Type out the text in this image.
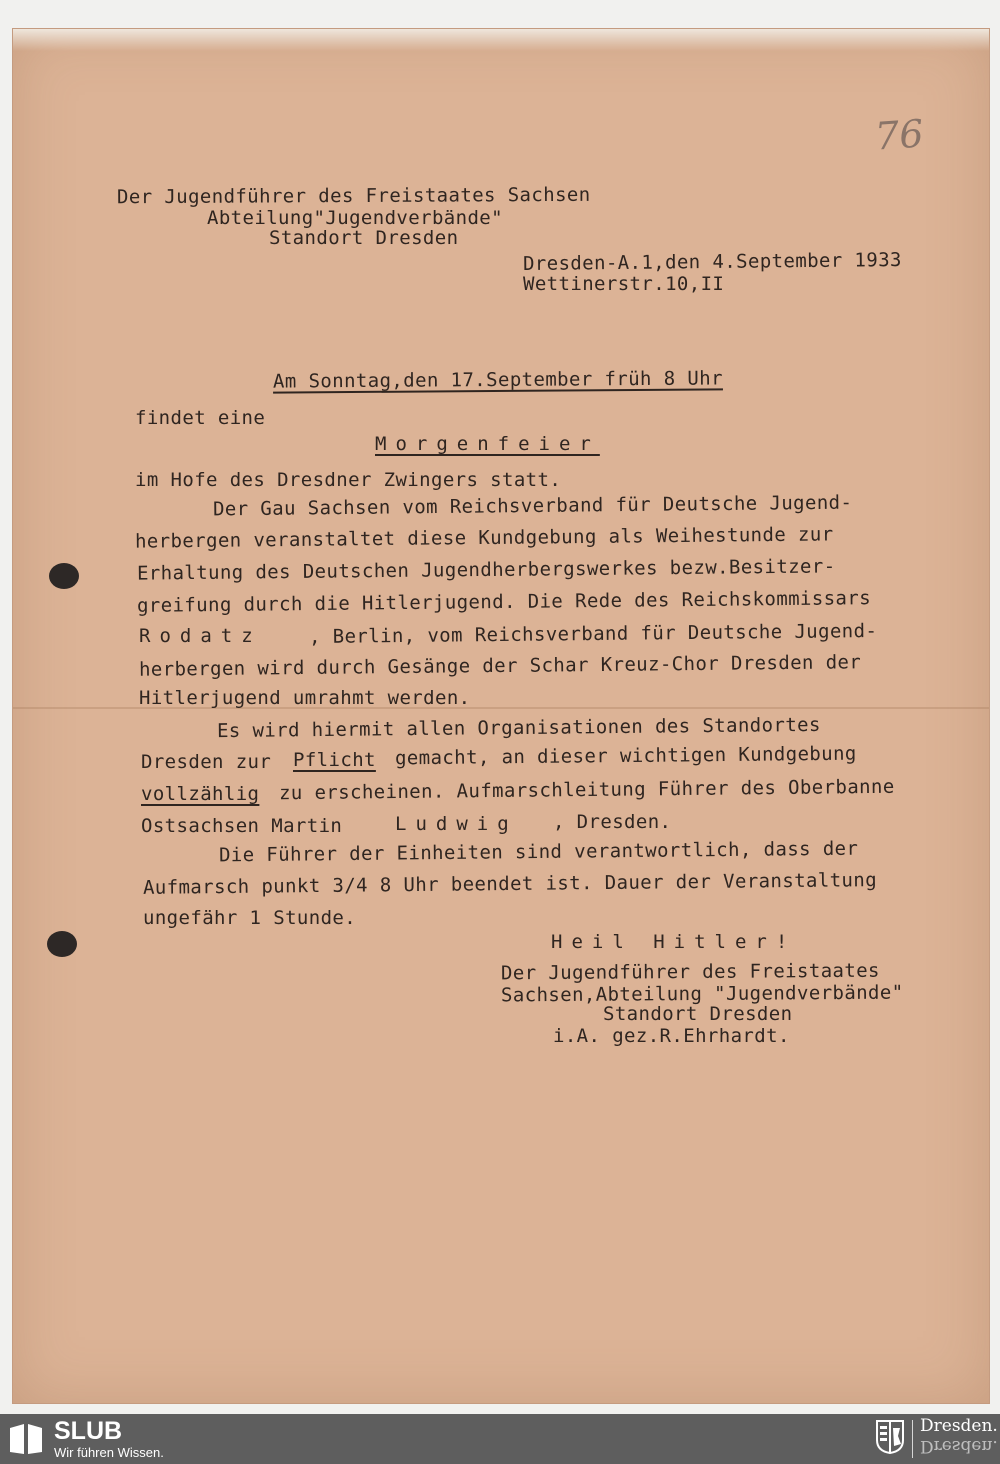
76
Der Jugendführer des Freistaates Sachsen
Abteilung"Jugendverbände"
Standort Dresden
Dresden-A.1,den 4.September 1933
Wettinerstr.10,II
Am Sonntag,den 17.September früh 8 Uhr
findet eine
Morgenfeier
im Hofe des Dresdner Zwingers statt.
Der Gau Sachsen vom Reichsverband für Deutsche Jugend-
herbergen veranstaltet diese Kundgebung als Weihestunde zur
Erhaltung des Deutschen Jugendherbergswerkes bezw.Besitzer-
greifung durch die Hitlerjugend. Die Rede des Reichskommissars
Rodatz , Berlin, vom Reichsverband für Deutsche Jugend-
herbergen wird durch Gesänge der Schar Kreuz-Chor Dresden der
Hitlerjugend umrahmt werden.
Es wird hiermit allen Organisationen des Standortes
Dresden zur Pflicht gemacht, an dieser wichtigen Kundgebung
vollzählig zu erscheinen. Aufmarschleitung Führer des Oberbanne
Ostsachsen Martin	Ludwig , Dresden.
Die Führer der Einheiten sind verantwortlich, dass der
Aufmarsch punkt 3/4 8 Uhr beendet ist. Dauer der Veranstaltung
ungefähr 1 Stunde.
Heil Hitler!
Der Jugendführer des Freistaates
Sachsen,Abteilung "Jugendverbände"
Standort Dresden
i.A. gez.R.Ehrhardt.
SLUB
Wir führen Wissen.
Dresden.
Dresden.
